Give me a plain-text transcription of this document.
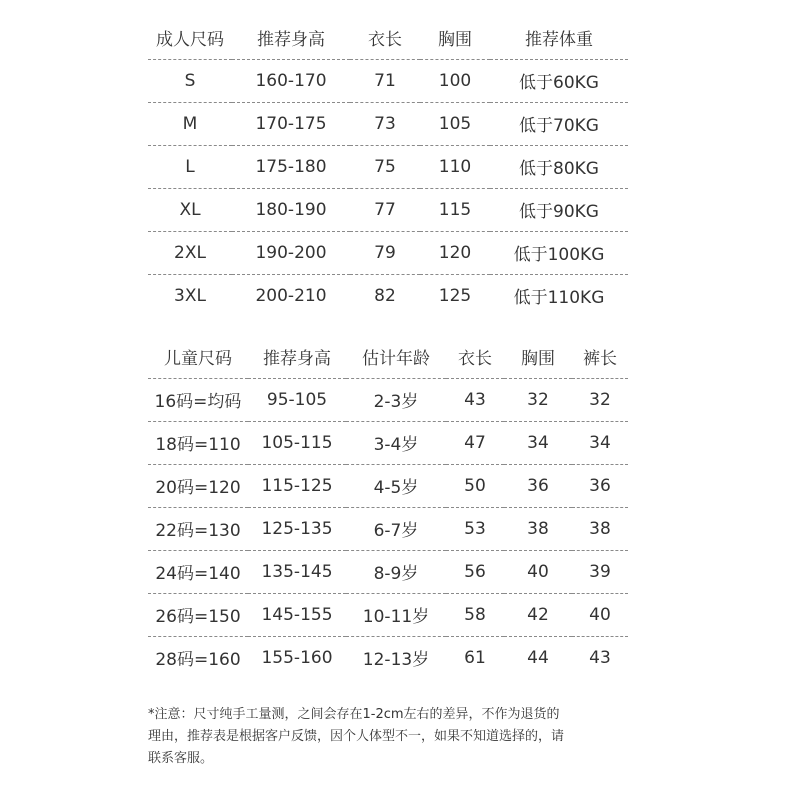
成人尺码	推荐身高	衣长	胸围	推荐体重
S	160-170	71	100	低于60KG
M	170-175	73	105	低于70KG
L	175-180	75	110	低于80KG
XL	180-190	77	115	低于90KG
2XL	190-200	79	120	低于100KG
3XL	200-210	82	125	低于110KG
儿童尺码	推荐身高	估计年龄	衣长	胸围	裤长
16码=均码	95-105	2-3岁	43	32	32
18码=110	105-115	3-4岁	47	34	34
20码=120	115-125	4-5岁	50	36	36
22码=130	125-135	6-7岁	53	38	38
24码=140	135-145	8-9岁	56	40	39
26码=150	145-155	10-11岁	58	42	40
28码=160	155-160	12-13岁	61	44	43
*注意：尺寸纯手工量测，之间会存在1-2cm左右的差异，不作为退货的
理由，推荐表是根据客户反馈，因个人体型不一，如果不知道选择的，请
联系客服。
